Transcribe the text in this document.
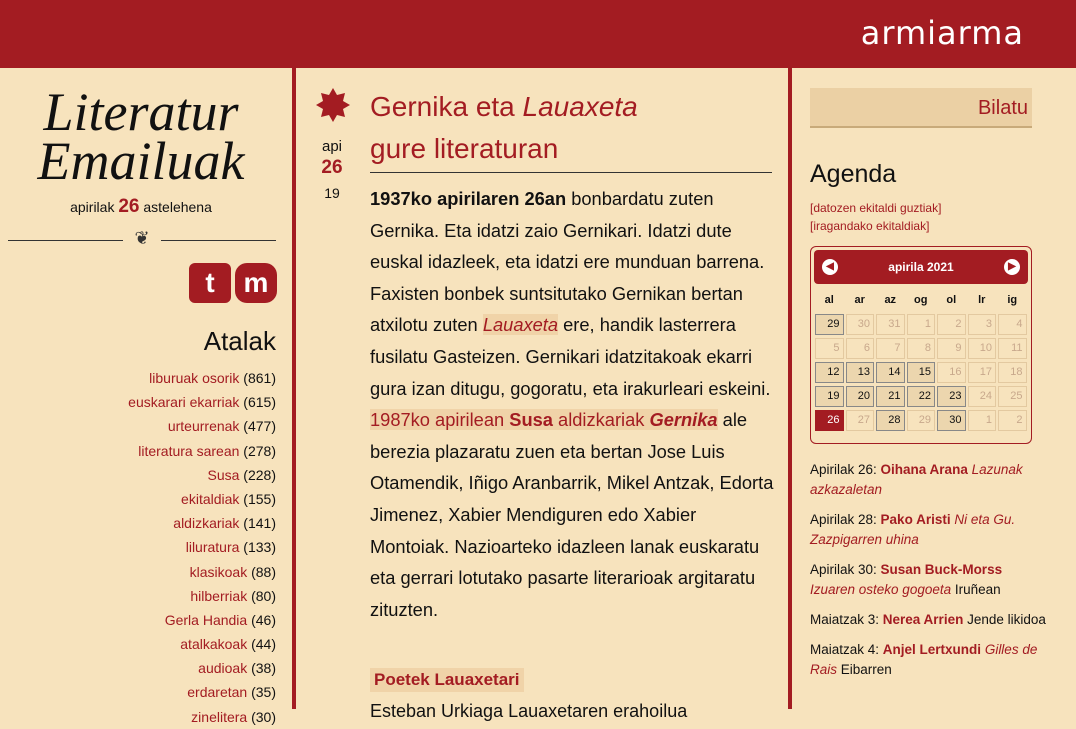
armiarma
Literatur
Emailuak
apirilak 26 astelehena
❦
t	m
Atalak
liburuak osorik (861)
euskarari ekarriak (615)
urteurrenak (477)
literatura sarean (278)
Susa (228)
ekitaldiak (155)
aldizkariak (141)
liluratura (133)
klasikoak (88)
hilberriak (80)
Gerla Handia (46)
atalkakoak (44)
audioak (38)
erdaretan (35)
zinelitera (30)
api
26
19
Gernika eta Lauaxeta
gure literaturan

1937ko apirilaren 26an bonbardatu zuten Gernika. Eta idatzi zaio Gernikari. Idatzi dute euskal idazleek, eta idatzi ere munduan barrena. Faxisten bonbek suntsitutako Gernikan bertan atxilotu zuten Lauaxeta ere, handik lasterrera fusilatu Gasteizen. Gernikari idatzitakoak ekarri gura izan ditugu, gogoratu, eta irakurleari eskeini.

1987ko apirilean Susa aldizkariak Gernika ale berezia plazaratu zuen eta bertan Jose Luis Otamendik, Iñigo Aranbarrik, Mikel Antzak, Edorta Jimenez, Xabier Mendiguren edo Xabier Montoiak. Nazioarteko idazleen lanak euskaratu eta gerrari lotutako pasarte literarioak argitaratu zituzten.

Poetek Lauaxetari
Esteban Urkiaga Lauaxetaren erahoilua
Bilatu
Agenda
[datozen ekitaldi guztiak]
[iragandako ekitaldiak]
◀	apirila 2021	▶
al	ar	az	og	ol	lr	ig
29	30	31	1	2	3	4
5	6	7	8	9	10	11
12	13	14	15	16	17	18
19	20	21	22	23	24	25
26	27	28	29	30	1	2
Apirilak 26: Oihana Arana Lazunak azkazaletan
Apirilak 28: Pako Aristi Ni eta Gu. Zazpigarren uhina
Apirilak 30: Susan Buck-Morss Izuaren osteko gogoeta Iruñean
Maiatzak 3: Nerea Arrien Jende likidoa
Maiatzak 4: Anjel Lertxundi Gilles de Rais Eibarren
